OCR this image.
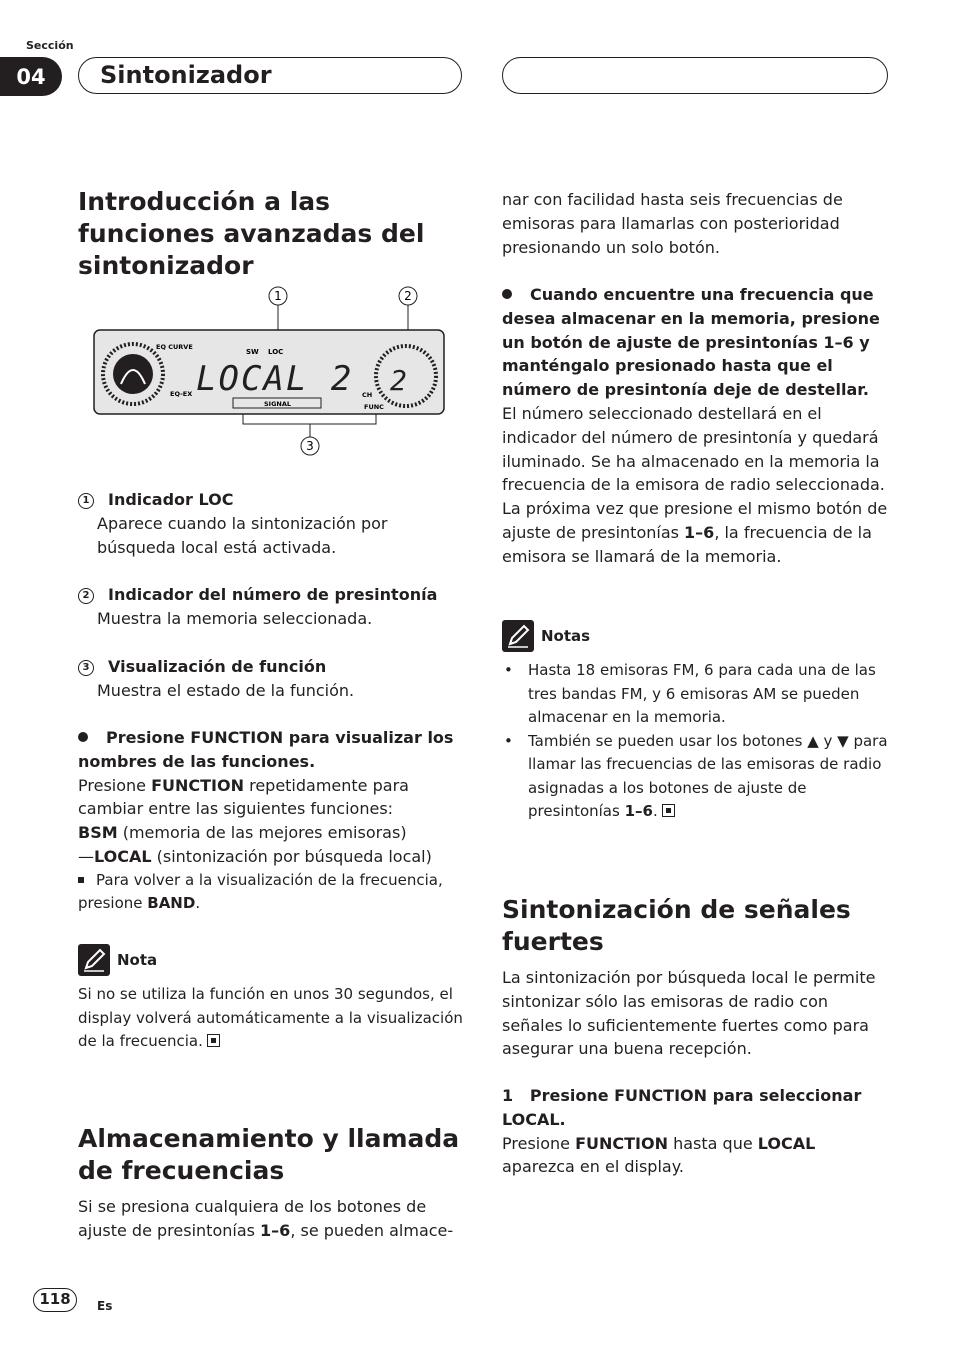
Sección
04	Sintonizador
Introducción a las funciones avanzadas del sintonizador
1	2
3
EQ CURVE
EQ-EX
SW LOC
LOCAL 2 2
CH
FUNC
SIGNAL
1 Indicador LOC
Aparece cuando la sintonización por búsqueda local está activada.
2 Indicador del número de presintonía
Muestra la memoria seleccionada.
3 Visualización de función
Muestra el estado de la función.
Presione FUNCTION para visualizar los nombres de las funciones.
Presione FUNCTION repetidamente para cambiar entre las siguientes funciones:
BSM (memoria de las mejores emisoras)
—LOCAL (sintonización por búsqueda local)
Para volver a la visualización de la frecuencia, presione BAND.
Nota
Si no se utiliza la función en unos 30 segundos, el display volverá automáticamente a la visualización de la frecuencia.
Almacenamiento y llamada de frecuencias
Si se presiona cualquiera de los botones de ajuste de presintonías 1–6, se pueden almace-
nar con facilidad hasta seis frecuencias de emisoras para llamarlas con posterioridad presionando un solo botón.
Cuando encuentre una frecuencia que desea almacenar en la memoria, presione un botón de ajuste de presintonías 1–6 y manténgalo presionado hasta que el número de presintonía deje de destellar.
El número seleccionado destellará en el indicador del número de presintonía y quedará iluminado. Se ha almacenado en la memoria la frecuencia de la emisora de radio seleccionada.
La próxima vez que presione el mismo botón de ajuste de presintonías 1–6, la frecuencia de la emisora se llamará de la memoria.
Notas
• Hasta 18 emisoras FM, 6 para cada una de las tres bandas FM, y 6 emisoras AM se pueden almacenar en la memoria.
• También se pueden usar los botones ▲ y ▼ para llamar las frecuencias de las emisoras de radio asignadas a los botones de ajuste de presintonías 1–6.
Sintonización de señales fuertes
La sintonización por búsqueda local le permite sintonizar sólo las emisoras de radio con señales lo suficientemente fuertes como para asegurar una buena recepción.
1   Presione FUNCTION para seleccionar LOCAL.
Presione FUNCTION hasta que LOCAL aparezca en el display.
118	Es
